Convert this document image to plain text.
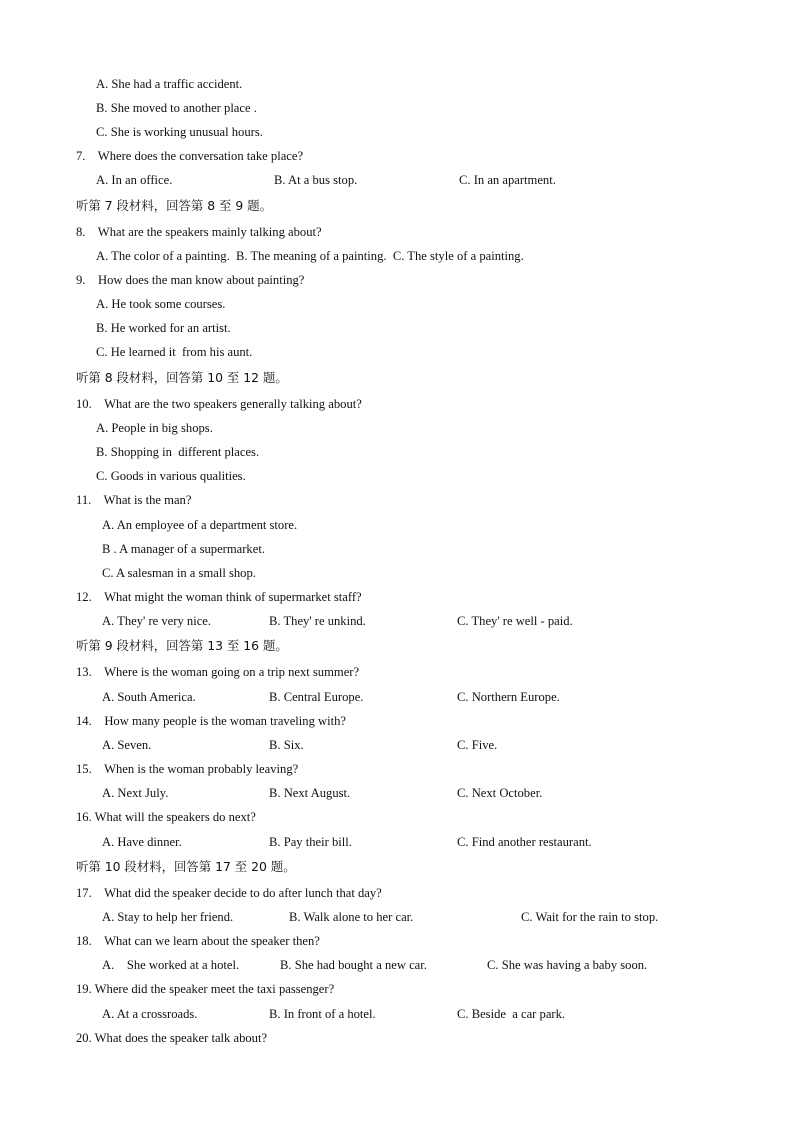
A. She had a traffic accident.
B. She moved to another place .
C. She is working unusual hours.
7.    Where does the conversation take place?
A. In an office.	B. At a bus stop.	C. In an apartment.
听第 7 段材料，回答第 8 至 9 题。
8.    What are the speakers mainly talking about?
A. The color of a painting.  B. The meaning of a painting.  C. The style of a painting.
9.    How does the man know about painting?
A. He took some courses.
B. He worked for an artist.
C. He learned it  from his aunt.
听第 8 段材料，回答第 10 至 12 题。
10.    What are the two speakers generally talking about?
A. People in big shops.
B. Shopping in  different places.
C. Goods in various qualities.
11.    What is the man?
A. An employee of a department store.
B . A manager of a supermarket.
C. A salesman in a small shop.
12.    What might the woman think of supermarket staff?
A. They' re very nice.	B. They' re unkind.	C. They' re well - paid.
听第 9 段材料，回答第 13 至 16 题。
13.    Where is the woman going on a trip next summer?
A. South America.	B. Central Europe.	C. Northern Europe.
14.    How many people is the woman traveling with?
A. Seven.	B. Six.	C. Five.
15.    When is the woman probably leaving?
A. Next July.	B. Next August.	C. Next October.
16. What will the speakers do next?
A. Have dinner.	B. Pay their bill.	C. Find another restaurant.
听第 10 段材料，回答第 17 至 20 题。
17.    What did the speaker decide to do after lunch that day?
A. Stay to help her friend.	B. Walk alone to her car.	C. Wait for the rain to stop.
18.    What can we learn about the speaker then?
A.    She worked at a hotel.	B. She had bought a new car.	C. She was having a baby soon.
19. Where did the speaker meet the taxi passenger?
A. At a crossroads.	B. In front of a hotel.	C. Beside  a car park.
20. What does the speaker talk about?
